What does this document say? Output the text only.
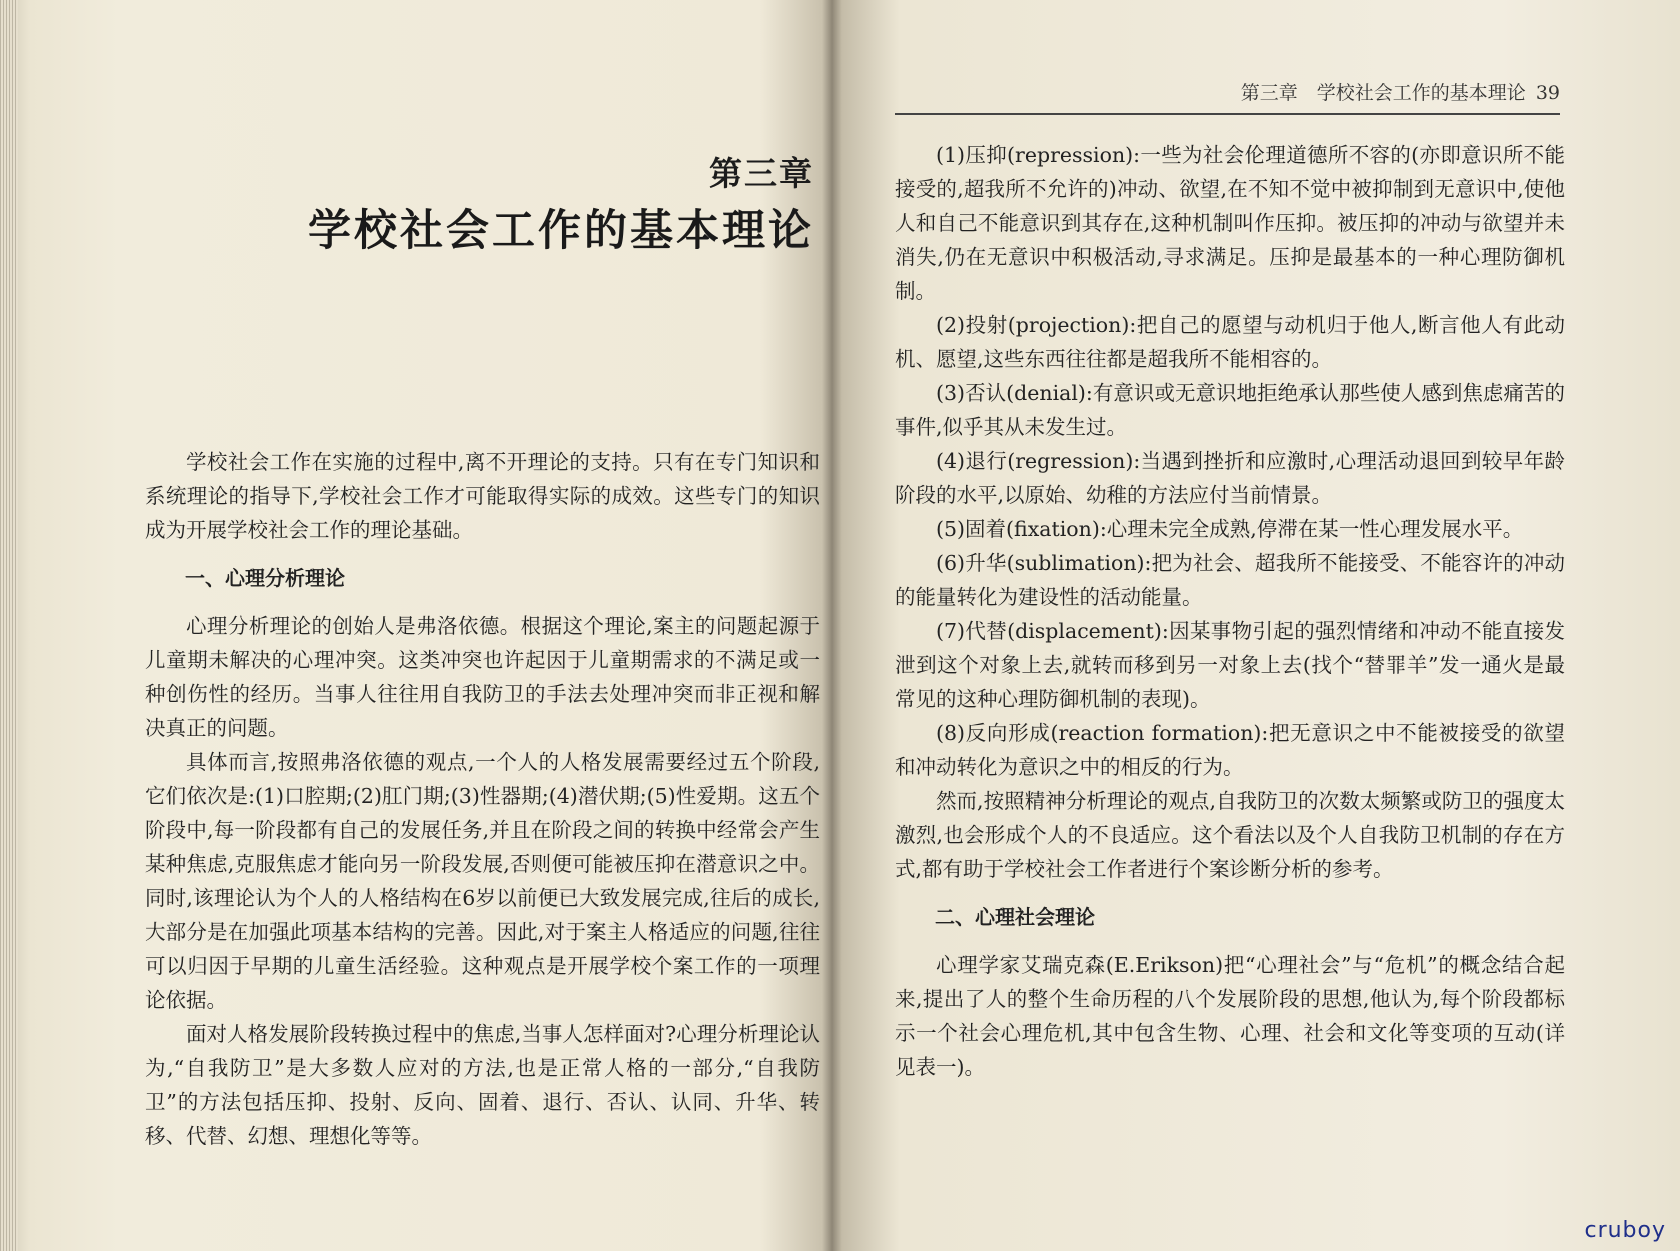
第三章
学校社会工作的基本理论

学校社会工作在实施的过程中,离不开理论的支持。只有在专门知识和系统理论的指导下,学校社会工作才可能取得实际的成效。这些专门的知识成为开展学校社会工作的理论基础。

一、心理分析理论

心理分析理论的创始人是弗洛依德。根据这个理论,案主的问题起源于儿童期未解决的心理冲突。这类冲突也许起因于儿童期需求的不满足或一种创伤性的经历。当事人往往用自我防卫的手法去处理冲突而非正视和解决真正的问题。

具体而言,按照弗洛依德的观点,一个人的人格发展需要经过五个阶段,它们依次是:(1)口腔期;(2)肛门期;(3)性器期;(4)潜伏期;(5)性爱期。这五个阶段中,每一阶段都有自己的发展任务,并且在阶段之间的转换中经常会产生某种焦虑,克服焦虑才能向另一阶段发展,否则便可能被压抑在潜意识之中。同时,该理论认为个人的人格结构在6岁以前便已大致发展完成,往后的成长,大部分是在加强此项基本结构的完善。因此,对于案主人格适应的问题,往往可以归因于早期的儿童生活经验。这种观点是开展学校个案工作的一项理论依据。

面对人格发展阶段转换过程中的焦虑,当事人怎样面对?心理分析理论认为,“自我防卫”是大多数人应对的方法,也是正常人格的一部分,“自我防卫”的方法包括压抑、投射、反向、固着、退行、否认、认同、升华、转移、代替、幻想、理想化等等。

第三章　学校社会工作的基本理论 39

(1)压抑(repression):一些为社会伦理道德所不容的(亦即意识所不能接受的,超我所不允许的)冲动、欲望,在不知不觉中被抑制到无意识中,使他人和自己不能意识到其存在,这种机制叫作压抑。被压抑的冲动与欲望并未消失,仍在无意识中积极活动,寻求满足。压抑是最基本的一种心理防御机制。

(2)投射(projection):把自己的愿望与动机归于他人,断言他人有此动机、愿望,这些东西往往都是超我所不能相容的。

(3)否认(denial):有意识或无意识地拒绝承认那些使人感到焦虑痛苦的事件,似乎其从未发生过。

(4)退行(regression):当遇到挫折和应激时,心理活动退回到较早年龄阶段的水平,以原始、幼稚的方法应付当前情景。

(5)固着(fixation):心理未完全成熟,停滞在某一性心理发展水平。

(6)升华(sublimation):把为社会、超我所不能接受、不能容许的冲动的能量转化为建设性的活动能量。

(7)代替(displacement):因某事物引起的强烈情绪和冲动不能直接发泄到这个对象上去,就转而移到另一对象上去(找个“替罪羊”发一通火是最常见的这种心理防御机制的表现)。

(8)反向形成(reaction formation):把无意识之中不能被接受的欲望和冲动转化为意识之中的相反的行为。

然而,按照精神分析理论的观点,自我防卫的次数太频繁或防卫的强度太激烈,也会形成个人的不良适应。这个看法以及个人自我防卫机制的存在方式,都有助于学校社会工作者进行个案诊断分析的参考。

二、心理社会理论

心理学家艾瑞克森(E.Erikson)把“心理社会”与“危机”的概念结合起来,提出了人的整个生命历程的八个发展阶段的思想,他认为,每个阶段都标示一个社会心理危机,其中包含生物、心理、社会和文化等变项的互动(详见表一)。

cruboy
